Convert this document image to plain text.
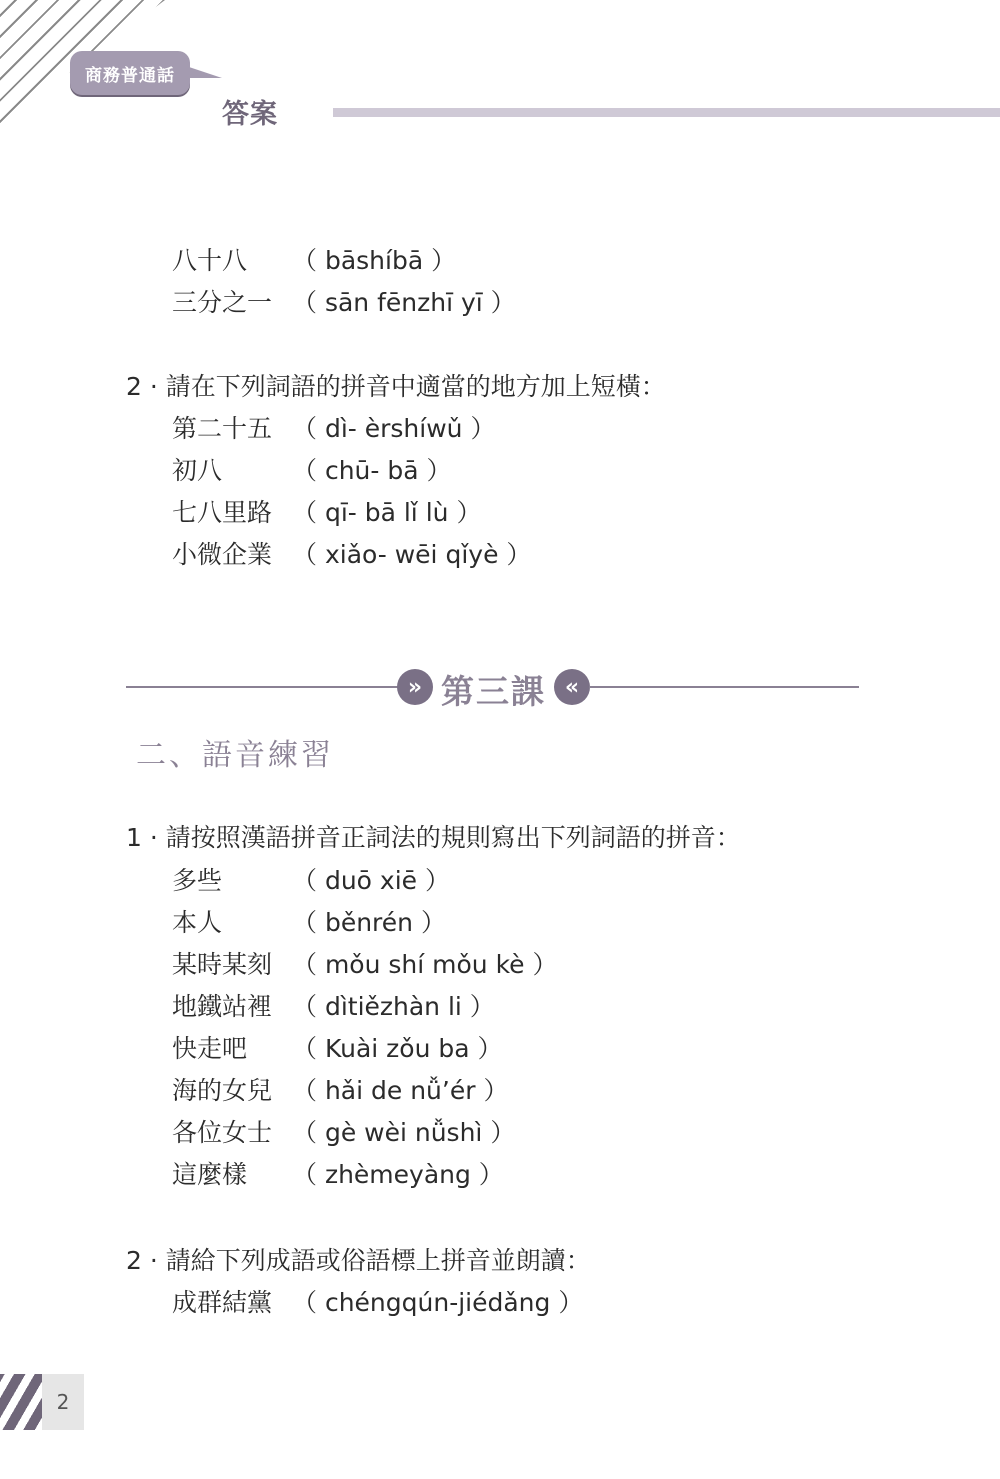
商務普通話
答案
八十八 （ bāshíbā ）
三分之一 （ sān fēnzhī yī ）
2 · 請在下列詞語的拼音中適當的地方加上短橫：
第二十五 （ dì- èrshíwǔ ）
初八	（ chū- bā ）
七八里路 （ qī- bā lǐ lù ）
小微企業 （ xiǎo- wēi qǐyè ）
» 第三課 «
二、語音練習
1 · 請按照漢語拼音正詞法的規則寫出下列詞語的拼音：
多些	（ duō xiē ）
本人	（ běnrén ）
某時某刻 （ mǒu shí mǒu kè ）
地鐵站裡 （ dìtiězhàn li ）
快走吧 （ Kuài zǒu ba ）
海的女兒 （ hǎi de nǚ’ér ）
各位女士 （ gè wèi nǚshì ）
這麼樣 （ zhèmeyàng ）
2 · 請給下列成語或俗語標上拼音並朗讀：
成群結黨 （ chéngqún-jiédǎng ）
2
